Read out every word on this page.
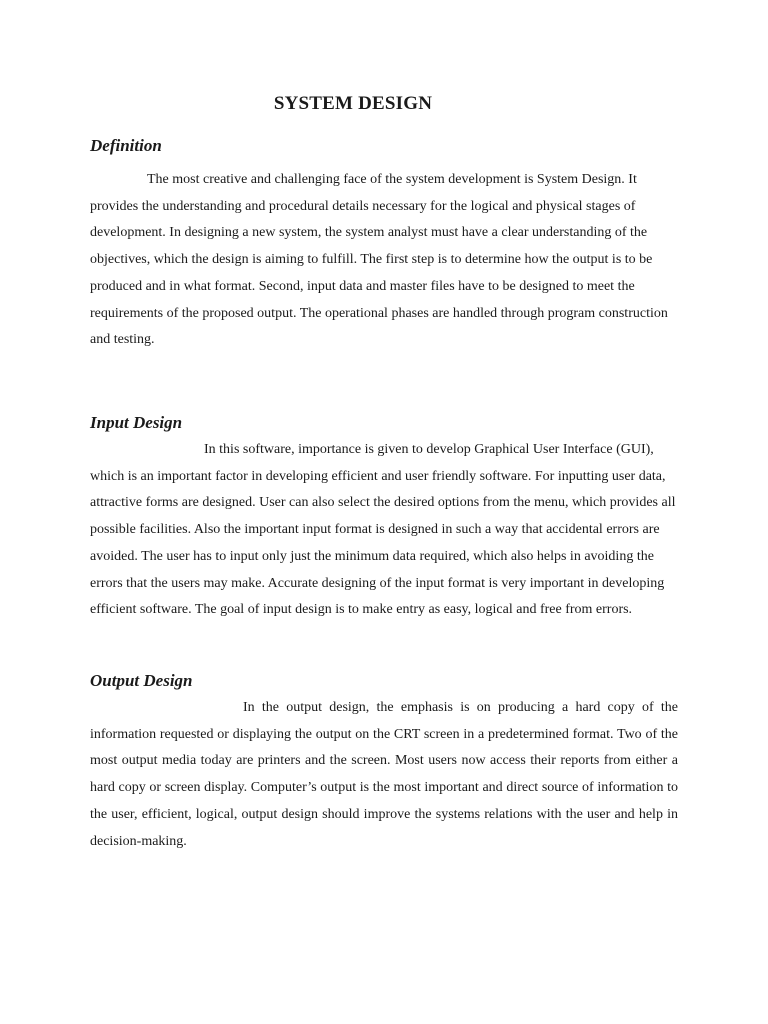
SYSTEM DESIGN
Definition

The most creative and challenging face of the system development is System Design. It provides the understanding and procedural details necessary for the logical and physical stages of development. In designing a new system, the system analyst must have a clear understanding of the objectives, which the design is aiming to fulfill. The first step is to determine how the output is to be produced and in what format. Second, input data and master files have to be designed to meet the requirements of the proposed output. The operational phases are handled through program construction and testing.

Input Design

In this software, importance is given to develop Graphical User Interface (GUI), which is an important factor in developing efficient and user friendly software. For inputting user data, attractive forms are designed. User can also select the desired options from the menu, which provides all possible facilities. Also the important input format is designed in such a way that accidental errors are avoided. The user has to input only just the minimum data required, which also helps in avoiding the errors that the users may make. Accurate designing of the input format is very important in developing efficient software. The goal of input design is to make entry as easy, logical and free from errors.

Output Design

In the output design, the emphasis is on producing a hard copy of the information requested or displaying the output on the CRT screen in a predetermined format. Two of the most output media today are printers and the screen. Most users now access their reports from either a hard copy or screen display. Computer’s output is the most important and direct source of information to the user, efficient, logical, output design should improve the systems relations with the user and help in decision-making.
